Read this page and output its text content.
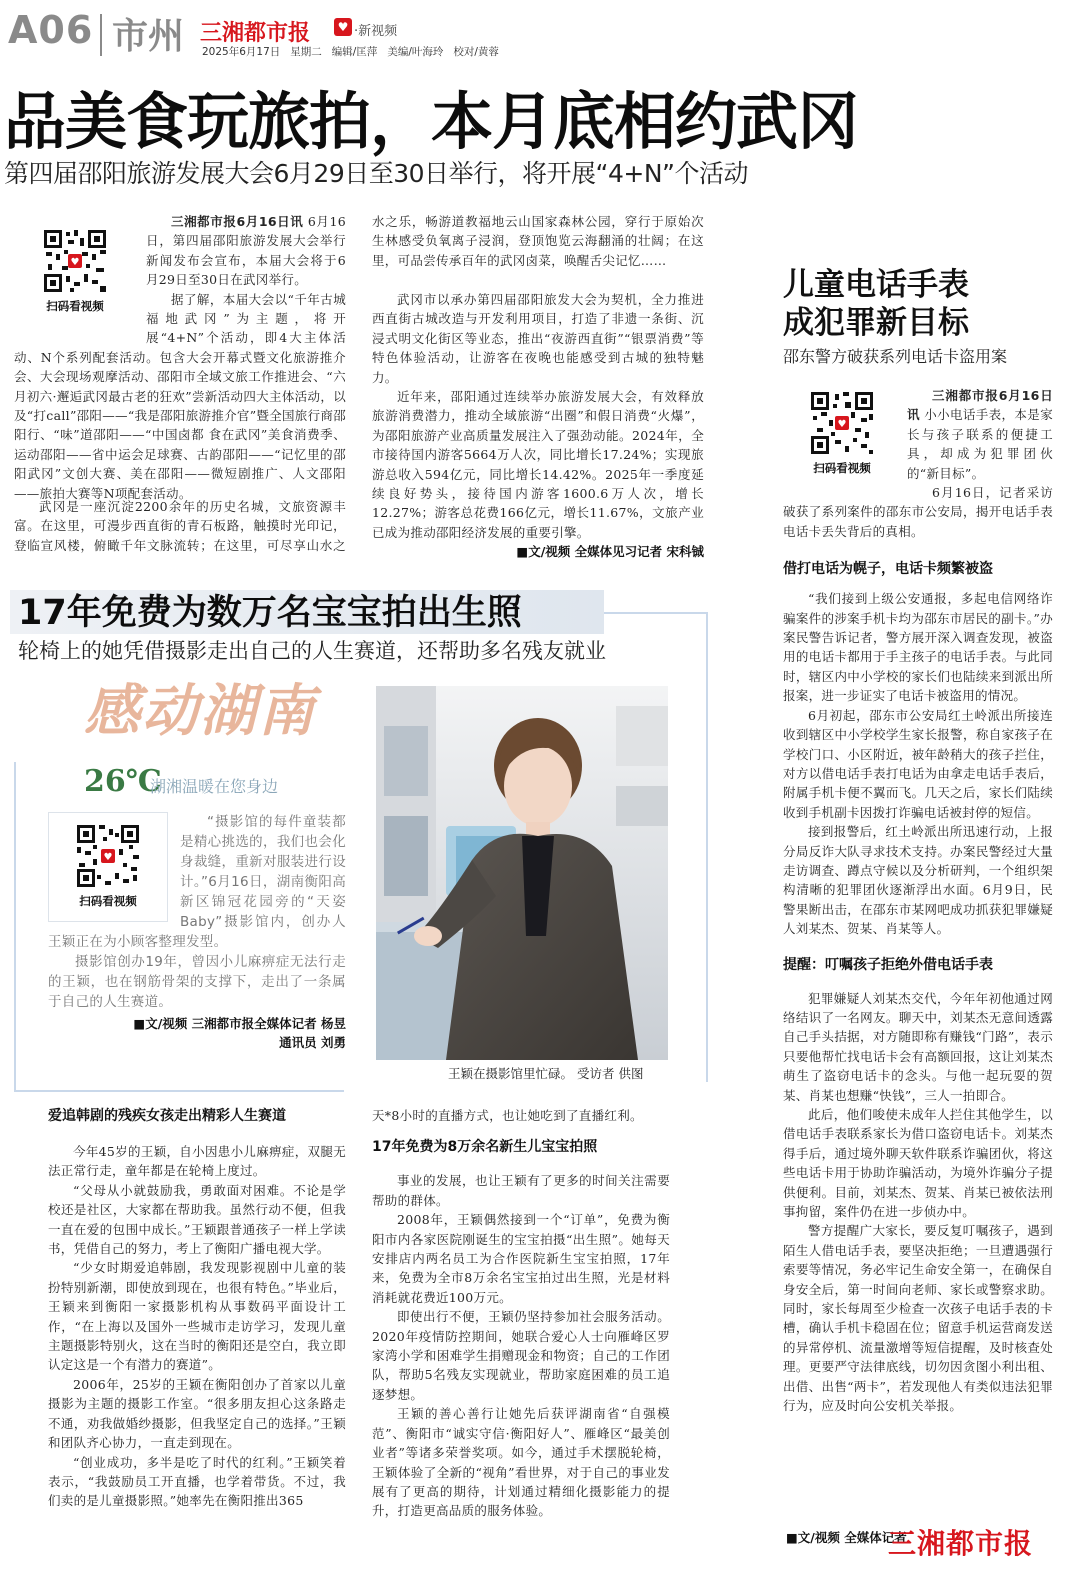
A06 市州 三湘都市报	♥ ·新视频
2025年6月17日   星期二   编辑/匡萍   美编/叶海玲   校对/黄蓉
品美食玩旅拍，本月底相约武冈
第四届邵阳旅游发展大会6月29日至30日举行，将开展“4+N”个活动
♥
扫码看视频

三湘都市报6月16日讯 6月16日，第四届邵阳旅游发展大会举行新闻发布会宣布，本届大会将于6月29日至30日在武冈举行。

据了解，本届大会以“千年古城 福地武冈”为主题，将开展“4+N”个活动，即4大主体活动、N个系列配套活动。包含大会开幕式暨文化旅游推介会、大会现场观摩活动、邵阳市全域文旅工作推进会、“六月初六·邂逅武冈最古老的狂欢”尝新活动四大主体活动，以及“打call”邵阳——“我是邵阳旅游推介官”暨全国旅行商邵阳行、“味”道邵阳——“中国卤都 食在武冈”美食消费季、运动邵阳——省中运会足球赛、古韵邵阳——“记忆里的邵阳武冈”文创大赛、美在邵阳——微短剧推广、人文邵阳——旅拍大赛等N项配套活动。

武冈是一座沉淀2200余年的历史名城，文旅资源丰富。在这里，可漫步西直街的青石板路，触摸时光印记，登临宣风楼，俯瞰千年文脉流转；在这里，可尽享山水之

水之乐，畅游道教福地云山国家森林公园，穿行于原始次生林感受负氧离子浸润，登顶饱览云海翻涌的壮阔；在这里，可品尝传承百年的武冈卤菜，唤醒舌尖记忆……

武冈市以承办第四届邵阳旅发大会为契机，全力推进西直街古城改造与开发利用项目，打造了非遗一条街、沉浸式明文化街区等业态，推出“夜游西直街”“银票消费”等特色体验活动，让游客在夜晚也能感受到古城的独特魅力。

近年来，邵阳通过连续举办旅游发展大会，有效释放旅游消费潜力，推动全域旅游“出圈”和假日消费“火爆”，为邵阳旅游产业高质量发展注入了强劲动能。2024年，全市接待国内游客5664万人次，同比增长17.24%；实现旅游总收入594亿元，同比增长14.42%。2025年一季度延续良好势头，接待国内游客1600.6万人次，增长12.27%；游客总花费166亿元，增长11.67%，文旅产业已成为推动邵阳经济发展的重要引擎。

■文/视频 全媒体见习记者 宋科铖
儿童电话手表
成犯罪新目标
邵东警方破获系列电话卡盗用案
♥
扫码看视频

三湘都市报6月16日讯 小小电话手表，本是家长与孩子联系的便捷工具，却成为犯罪团伙的“新目标”。

6月16日，记者采访破获了系列案件的邵东市公安局，揭开电话手表电话卡丢失背后的真相。

借打电话为幌子，电话卡频繁被盗

“我们接到上级公安通报，多起电信网络诈骗案件的涉案手机卡均为邵东市居民的副卡。”办案民警告诉记者，警方展开深入调查发现，被盗用的电话卡都用于手主孩子的电话手表。与此同时，辖区内中小学校的家长们也陆续来到派出所报案，进一步证实了电话卡被盗用的情况。

6月初起，邵东市公安局红土岭派出所接连收到辖区中小学校学生家长报警，称自家孩子在学校门口、小区附近，被年龄稍大的孩子拦住，对方以借电话手表打电话为由拿走电话手表后，附属手机卡便不翼而飞。几天之后，家长们陆续收到手机副卡因拨打诈骗电话被封停的短信。

接到报警后，红土岭派出所迅速行动，上报分局反诈大队寻求技术支持。办案民警经过大量走访调查、蹲点守候以及分析研判，一个组织架构清晰的犯罪团伙逐渐浮出水面。6月9日，民警果断出击，在邵东市某网吧成功抓获犯罪嫌疑人刘某杰、贺某、肖某等人。

提醒：叮嘱孩子拒绝外借电话手表

犯罪嫌疑人刘某杰交代，今年年初他通过网络结识了一名网友。聊天中，刘某杰无意间透露自己手头拮据，对方随即称有赚钱“门路”，表示只要他帮忙找电话卡会有高额回报，这让刘某杰萌生了盗窃电话卡的念头。与他一起玩耍的贺某、肖某也想赚“快钱”，三人一拍即合。

此后，他们唆使未成年人拦住其他学生，以借电话手表联系家长为借口盗窃电话卡。刘某杰得手后，通过境外聊天软件联系诈骗团伙，将这些电话卡用于协助诈骗活动，为境外诈骗分子提供便利。目前，刘某杰、贺某、肖某已被依法刑事拘留，案件仍在进一步侦办中。

警方提醒广大家长，要反复叮嘱孩子，遇到陌生人借电话手表，要坚决拒绝；一旦遭遇强行索要等情况，务必牢记生命安全第一，在确保自身安全后，第一时间向老师、家长或警察求助。同时，家长每周至少检查一次孩子电话手表的卡槽，确认手机卡稳固在位；留意手机运营商发送的异常停机、流量激增等短信提醒，及时核查处理。更要严守法律底线，切勿因贪图小利出租、出借、出售“两卡”，若发现他人有类似违法犯罪行为，应及时向公安机关举报。

■文/视频 全媒体记者
三湘都市报
17年免费为数万名宝宝拍出生照
轮椅上的她凭借摄影走出自己的人生赛道，还帮助多名残友就业
感动湖南
26℃
湖湘温暖在您身边
♥
扫码看视频

“摄影馆的每件童装都是精心挑选的，我们也会化身裁缝，重新对服装进行设计。”6月16日，湖南衡阳高新区锦冠花园旁的“天姿Baby”摄影馆内，创办人王颖正在为小顾客整理发型。

摄影馆创办19年，曾因小儿麻痹症无法行走的王颖，也在钢筋骨架的支撑下，走出了一条属于自己的人生赛道。

■文/视频 三湘都市报全媒体记者 杨昱
通讯员 刘勇
王颖在摄影馆里忙碌。 受访者 供图
爱追韩剧的残疾女孩走出精彩人生赛道

今年45岁的王颖，自小因患小儿麻痹症，双腿无法正常行走，童年都是在轮椅上度过。

“父母从小就鼓励我，勇敢面对困难。不论是学校还是社区，大家都在帮助我。虽然行动不便，但我一直在爱的包围中成长。”王颖跟普通孩子一样上学读书，凭借自己的努力，考上了衡阳广播电视大学。

“少女时期爱追韩剧，我发现影视剧中儿童的装扮特别新潮，即使放到现在，也很有特色。”毕业后，王颖来到衡阳一家摄影机构从事数码平面设计工作，“在上海以及国外一些城市走访学习，发现儿童主题摄影特别火，这在当时的衡阳还是空白，我立即认定这是一个有潜力的赛道”。

2006年，25岁的王颖在衡阳创办了首家以儿童摄影为主题的摄影工作室。“很多朋友担心这条路走不通，劝我做婚纱摄影，但我坚定自己的选择。”王颖和团队齐心协力，一直走到现在。

“创业成功，多半是吃了时代的红利。”王颖笑着表示，“我鼓励员工开直播，也学着带货。不过，我们卖的是儿童摄影照。”她率先在衡阳推出365

天*8小时的直播方式，也让她吃到了直播红利。

17年免费为8万余名新生儿宝宝拍照

事业的发展，也让王颖有了更多的时间关注需要帮助的群体。

2008年，王颖偶然接到一个“订单”，免费为衡阳市内各家医院刚诞生的宝宝拍摄“出生照”。她每天安排店内两名员工为合作医院新生宝宝拍照，17年来，免费为全市8万余名宝宝拍过出生照，光是材料消耗就花费近100万元。

即使出行不便，王颖仍坚持参加社会服务活动。2020年疫情防控期间，她联合爱心人士向雁峰区罗家湾小学和困难学生捐赠现金和物资；自己的工作团队，帮助5名残友实现就业，帮助家庭困难的员工追逐梦想。

王颖的善心善行让她先后获评湖南省“自强模范”、衡阳市“诚实守信·衡阳好人”、雁峰区“最美创业者”等诸多荣誉奖项。如今，通过手术摆脱轮椅，王颖体验了全新的“视角”看世界，对于自己的事业发展有了更高的期待，计划通过精细化摄影能力的提升，打造更高品质的服务体验。
